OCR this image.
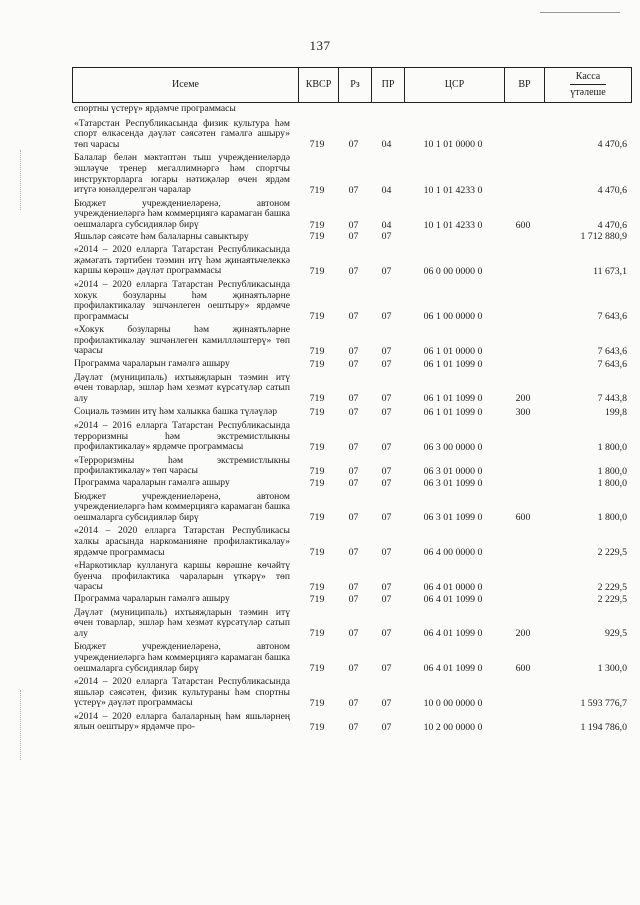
137
Исеме	КВСР Рз ПР	ЦСР	ВР
Касса
үтәлеше
спортны үстерү» ярдәмче программасы
«Татарстан Республикасында физик культура һәм спорт өлкәсендә дәүләт сәясәтен гамәлгә ашыру» төп чарасы	719	07	04	10 1 01 0000 0	4 470,6
Балалар белән мәктәптән тыш учреждениеләрдә эшләүче тренер мегаллимнәргә һәм спортчы инструкторларга югары нәтиҗәләр өчен ярдәм итүгә юнәлдерелгән чаралар	719	07	04	10 1 01 4233 0	4 470,6
Бюджет учреждениеләренә, автоном учреждениеләргә һәм коммерциягә карамаган башка оешмаларга субсидияләр бирү	719	07	04	10 1 01 4233 0	600	4 470,6
Яшьләр сәясәте һәм балаларны савыктыру	719	07	07	1 712 880,9
«2014 – 2020 елларга Татарстан Республикасында җәмәгать тәртибен тәэмин итү һәм җинаятьчелеккә каршы көрәш» дәүләт программасы	719	07	07	06 0 00 0000 0	11 673,1
«2014 – 2020 елларга Татарстан Республикасында хокук бозуларны һәм җинаятьләрне профилактикалау эшчәнлеген оештыру» ярдәмче программасы	719	07	07	06 1 00 0000 0	7 643,6
«Хокук бозуларны һәм җинаятьләрне профилактикалау эшчәнлеген камиллләштерү» төп чарасы	719	07	07	06 1 01 0000 0	7 643,6
Программа чараларын гамәлгә ашыру	719	07	07	06 1 01 1099 0	7 643,6
Дәүләт (муниципаль) ихтыяҗларын тәэмин итү өчен товарлар, эшләр һәм хезмәт күрсәтүләр сатып алу	719	07	07	06 1 01 1099 0	200	7 443,8
Социаль тәэмин итү һәм халыкка башка түләүләр	719	07	07	06 1 01 1099 0	300	199,8
«2014 – 2016 елларга Татарстан Республикасында терроризмны һәм экстремистлыкны профилактикалау» ярдәмче программасы	719	07	07	06 3 00 0000 0	1 800,0
«Терроризмны һәм экстремистлыкны профилактикалау» төп чарасы	719	07	07	06 3 01 0000 0	1 800,0
Программа чараларын гамәлгә ашыру	719	07	07	06 3 01 1099 0	1 800,0
Бюджет учреждениеләренә, автоном учреждениеләргә һәм коммерциягә карамаган башка оешмаларга субсидияләр бирү	719	07	07	06 3 01 1099 0	600	1 800,0
«2014 – 2020 елларга Татарстан Республикасы халкы арасында наркоманияне профилактикалау» ярдәмче программасы	719	07	07	06 4 00 0000 0	2 229,5
«Наркотиклар куллануга каршы көрәшне көчәйтү буенча профилактика чараларын үткәрү» төп чарасы	719	07	07	06 4 01 0000 0	2 229,5
Программа чараларын гамәлгә ашыру	719	07	07	06 4 01 1099 0	2 229,5
Дәүләт (муниципаль) ихтыяҗларын тәэмин итү өчен товарлар, эшләр һәм хезмәт күрсәтүләр сатып алу	719	07	07	06 4 01 1099 0	200	929,5
Бюджет учреждениеләренә, автоном учреждениеләргә һәм коммерциягә карамаган башка оешмаларга субсидияләр бирү	719	07	07	06 4 01 1099 0	600	1 300,0
«2014 – 2020 елларга Татарстан Республикасында яшьләр сәясәтен, физик культураны һәм спортны үстерү» дәүләт программасы	719	07	07	10 0 00 0000 0	1 593 776,7
«2014 – 2020 елларга балаларның һәм яшьләрнең ялын оештыру» ярдәмче про-	719	07	07	10 2 00 0000 0	1 194 786,0
